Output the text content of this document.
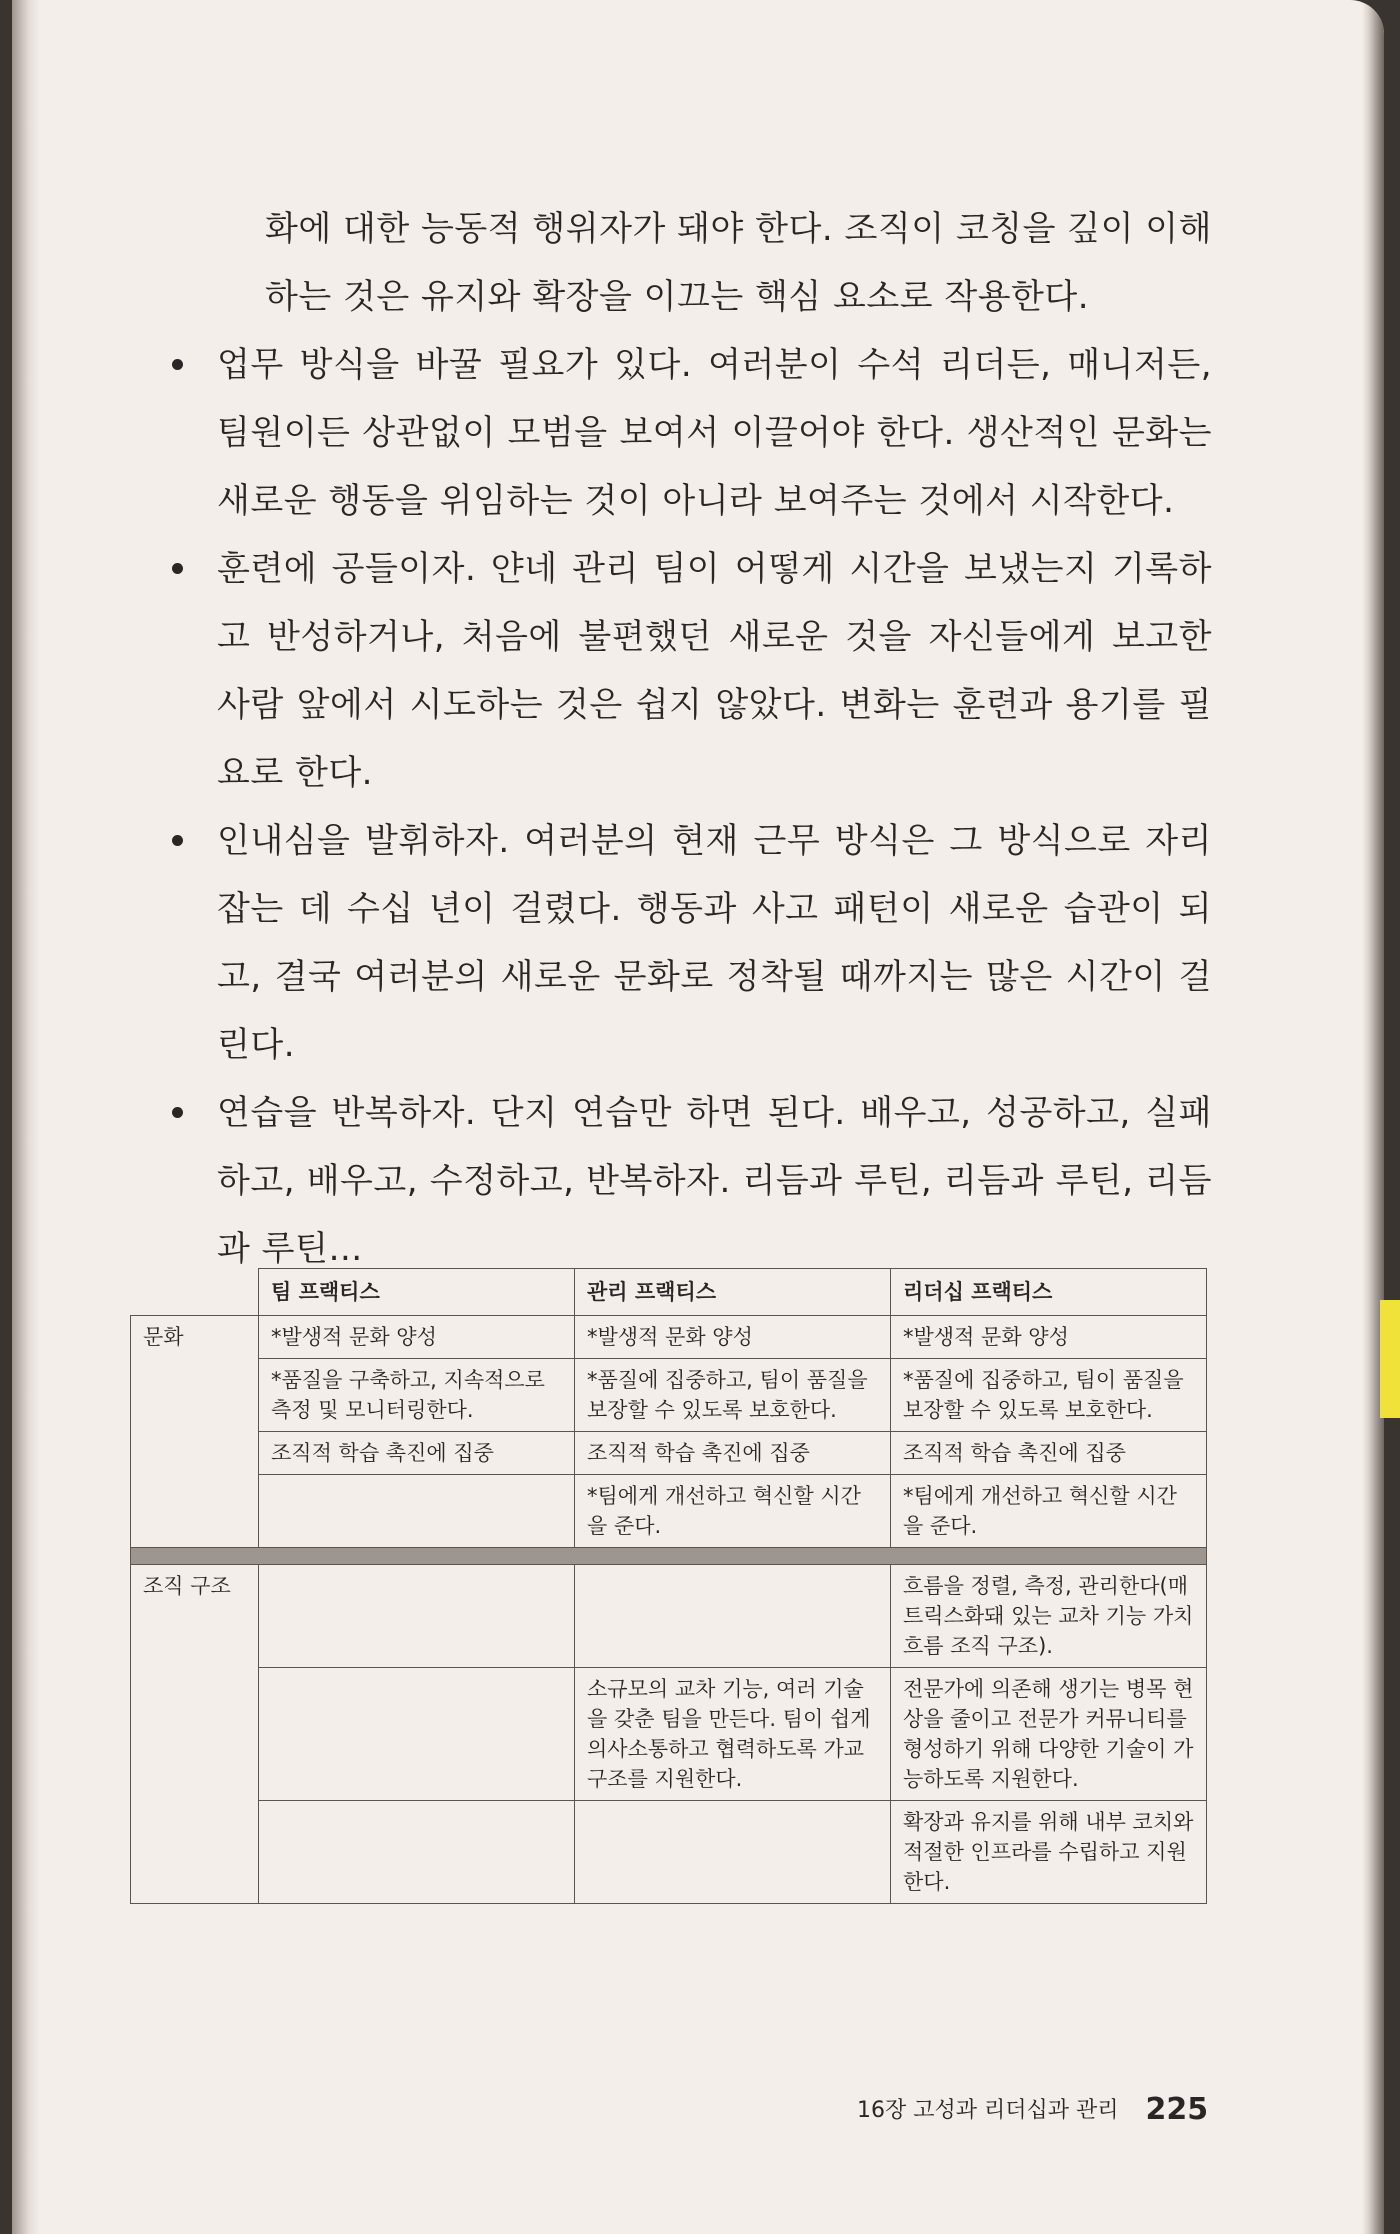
화에 대한 능동적 행위자가 돼야 한다. 조직이 코칭을 깊이 이해하는 것은 유지와 확장을 이끄는 핵심 요소로 작용한다.

업무 방식을 바꿀 필요가 있다. 여러분이 수석 리더든, 매니저든, 팀원이든 상관없이 모범을 보여서 이끌어야 한다. 생산적인 문화는 새로운 행동을 위임하는 것이 아니라 보여주는 것에서 시작한다.
훈련에 공들이자. 얀네 관리 팀이 어떻게 시간을 보냈는지 기록하고 반성하거나, 처음에 불편했던 새로운 것을 자신들에게 보고한 사람 앞에서 시도하는 것은 쉽지 않았다. 변화는 훈련과 용기를 필요로 한다.
인내심을 발휘하자. 여러분의 현재 근무 방식은 그 방식으로 자리 잡는 데 수십 년이 걸렸다. 행동과 사고 패턴이 새로운 습관이 되고, 결국 여러분의 새로운 문화로 정착될 때까지는 많은 시간이 걸린다.
연습을 반복하자. 단지 연습만 하면 된다. 배우고, 성공하고, 실패하고, 배우고, 수정하고, 반복하자. 리듬과 루틴, 리듬과 루틴, 리듬과 루틴…
	팀 프랙티스	관리 프랙티스	리더십 프랙티스
문화	*발생적 문화 양성	*발생적 문화 양성	*발생적 문화 양성
	*품질을 구축하고, 지속적으로 측정 및 모니터링한다.	*품질에 집중하고, 팀이 품질을 보장할 수 있도록 보호한다.	*품질에 집중하고, 팀이 품질을 보장할 수 있도록 보호한다.
	조직적 학습 촉진에 집중	조직적 학습 촉진에 집중	조직적 학습 촉진에 집중
		*팀에게 개선하고 혁신할 시간을 준다.	*팀에게 개선하고 혁신할 시간을 준다.

조직 구조			흐름을 정렬, 측정, 관리한다(매트릭스화돼 있는 교차 기능 가치 흐름 조직 구조).
		소규모의 교차 기능, 여러 기술을 갖춘 팀을 만든다. 팀이 쉽게 의사소통하고 협력하도록 가교 구조를 지원한다.	전문가에 의존해 생기는 병목 현상을 줄이고 전문가 커뮤니티를 형성하기 위해 다양한 기술이 가능하도록 지원한다.
			확장과 유지를 위해 내부 코치와 적절한 인프라를 수립하고 지원한다.
16장 고성과 리더십과 관리 225
